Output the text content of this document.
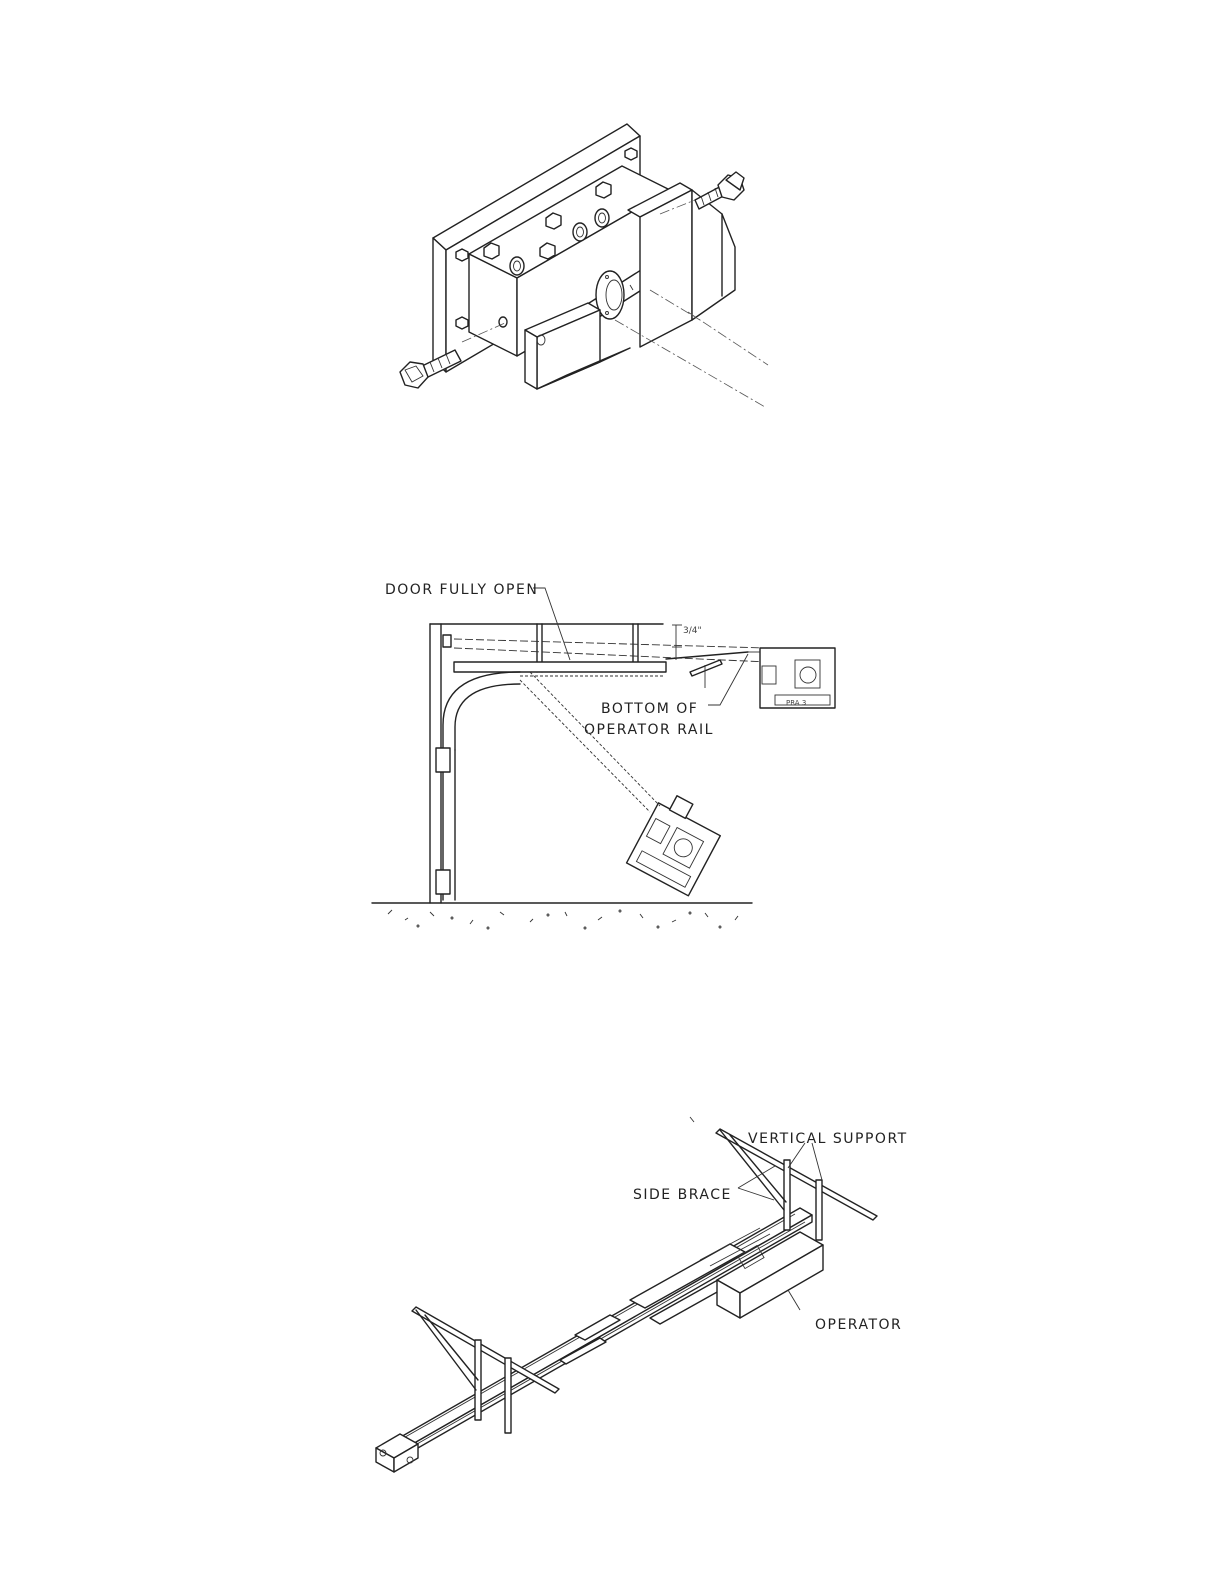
PRA 3
3/4"
DOOR FULLY OPEN
BOTTOM OF
OPERATOR RAIL
VERTICAL SUPPORT
SIDE BRACE
OPERATOR
